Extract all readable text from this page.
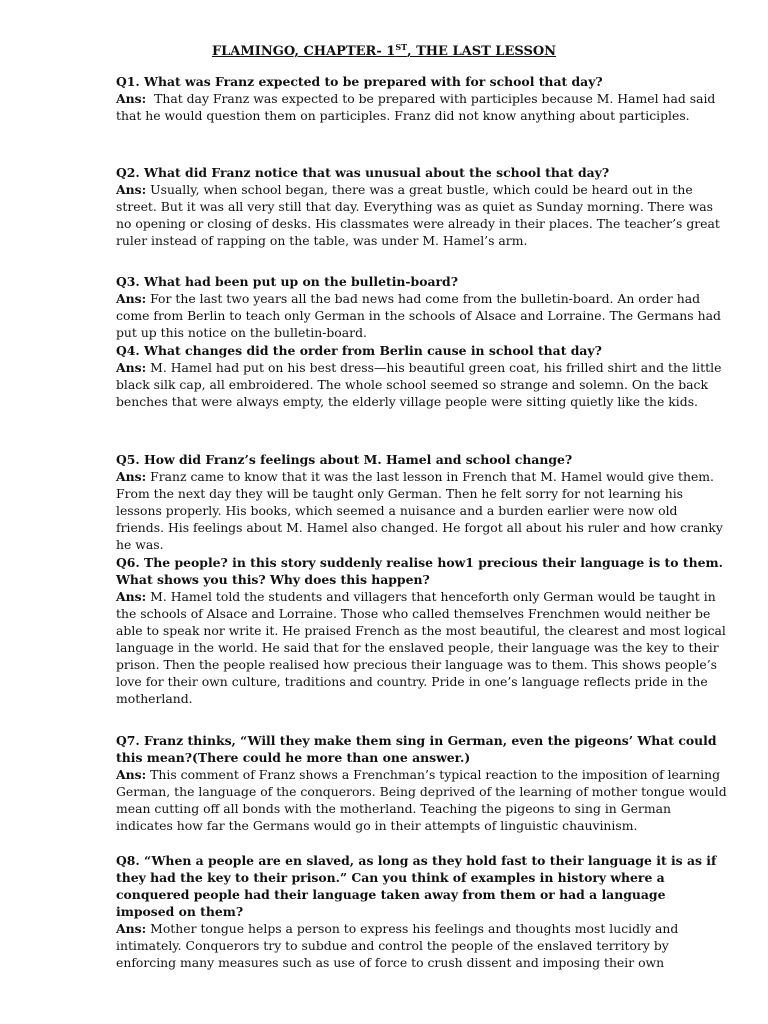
FLAMINGO, CHAPTER- 1ST, THE LAST LESSON
Q1. What was Franz expected to be prepared with for school that day?
Ans: That day Franz was expected to be prepared with participles because M. Hamel had said that he would question them on participles. Franz did not know anything about participles.
Q2. What did Franz notice that was unusual about the school that day?
Ans: Usually, when school began, there was a great bustle, which could be heard out in the street. But it was all very still that day. Everything was as quiet as Sunday morning. There was no opening or closing of desks. His classmates were already in their places. The teacher’s great ruler instead of rapping on the table, was under M. Hamel’s arm.
Q3. What had been put up on the bulletin-board?
Ans: For the last two years all the bad news had come from the bulletin-board. An order had come from Berlin to teach only German in the schools of Alsace and Lorraine. The Germans had put up this notice on the bulletin-board.
Q4. What changes did the order from Berlin cause in school that day?
Ans: M. Hamel had put on his best dress—his beautiful green coat, his frilled shirt and the little black silk cap, all embroidered. The whole school seemed so strange and solemn. On the back benches that were always empty, the elderly village people were sitting quietly like the kids.
Q5. How did Franz’s feelings about M. Hamel and school change?
Ans: Franz came to know that it was the last lesson in French that M. Hamel would give them. From the next day they will be taught only German. Then he felt sorry for not learning his lessons properly. His books, which seemed a nuisance and a burden earlier were now old friends. His feelings about M. Hamel also changed. He forgot all about his ruler and how cranky he was.
Q6. The people? in this story suddenly realise how1 precious their language is to them. What shows you this? Why does this happen?
Ans: M. Hamel told the students and villagers that henceforth only German would be taught in the schools of Alsace and Lorraine. Those who called themselves Frenchmen would neither be able to speak nor write it. He praised French as the most beautiful, the clearest and most logical language in the world. He said that for the enslaved people, their language was the key to their prison. Then the people realised how precious their language was to them. This shows people’s love for their own culture, traditions and country. Pride in one’s language reflects pride in the motherland.
Q7. Franz thinks, “Will they make them sing in German, even the pigeons’ What could this mean?(There could he more than one answer.)
Ans: This comment of Franz shows a Frenchman’s typical reaction to the imposition of learning German, the language of the conquerors. Being deprived of the learning of mother tongue would mean cutting off all bonds with the motherland. Teaching the pigeons to sing in German indicates how far the Germans would go in their attempts of linguistic chauvinism.
Q8. “When a people are en slaved, as long as they hold fast to their language it is as if they had the key to their prison.” Can you think of examples in history where a conquered people had their language taken away from them or had a language imposed on them?
Ans: Mother tongue helps a person to express his feelings and thoughts most lucidly and intimately. Conquerors try to subdue and control the people of the enslaved territory by enforcing many measures such as use of force to crush dissent and imposing their own
